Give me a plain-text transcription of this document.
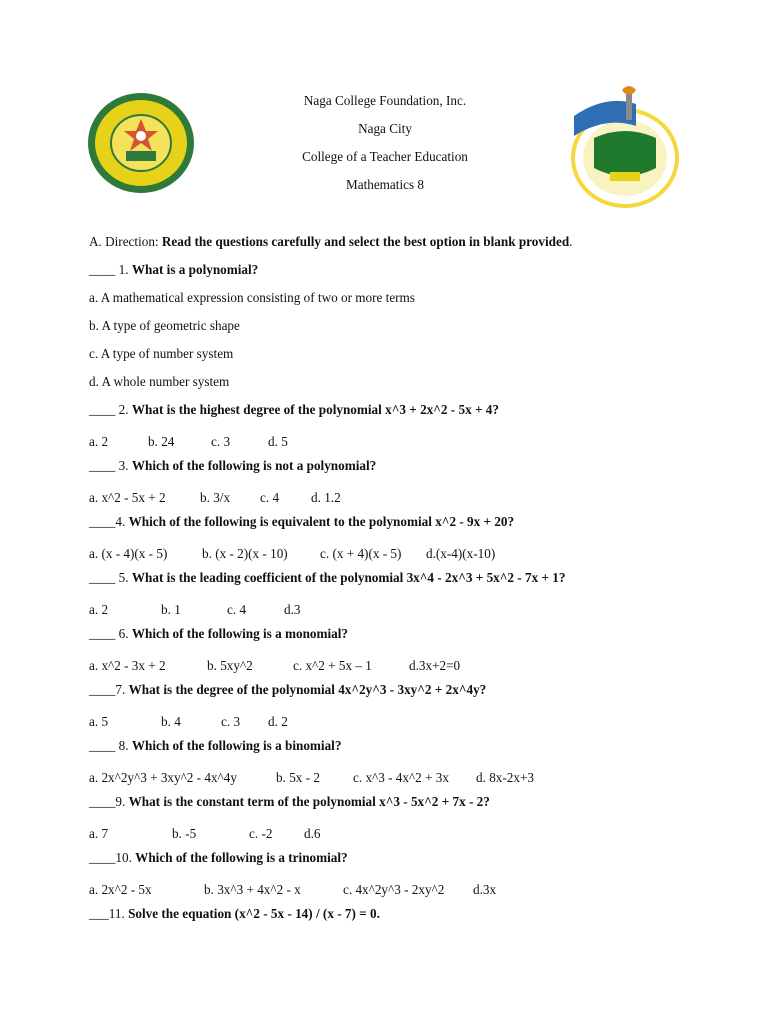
Naga College Foundation, Inc.
Naga City
College of a Teacher Education
Mathematics 8
A. Direction: Read the questions carefully and select the best option in blank provided.
____ 1. What is a polynomial?
a. A mathematical expression consisting of two or more terms
b. A type of geometric shape
c. A type of number system
d. A whole number system
____ 2. What is the highest degree of the polynomial x^3 + 2x^2 - 5x + 4?
a. 2	b. 24	c. 3	d. 5
____ 3. Which of the following is not a polynomial?
a. x^2 - 5x + 2	b. 3/x	c. 4	d. 1.2
____4. Which of the following is equivalent to the polynomial x^2 - 9x + 20?
a. (x - 4)(x - 5)	b. (x - 2)(x - 10)	c. (x + 4)(x - 5)	d.(x-4)(x-10)
____ 5. What is the leading coefficient of the polynomial 3x^4 - 2x^3 + 5x^2 - 7x + 1?
a. 2	b. 1	c. 4	d.3
____ 6. Which of the following is a monomial?
a. x^2 - 3x + 2	b. 5xy^2	c. x^2 + 5x – 1	d.3x+2=0
____7. What is the degree of the polynomial 4x^2y^3 - 3xy^2 + 2x^4y?
a. 5	b. 4	c. 3	d. 2
____ 8. Which of the following is a binomial?
a. 2x^2y^3 + 3xy^2 - 4x^4y	b. 5x - 2	c. x^3 - 4x^2 + 3x	d. 8x-2x+3
____9. What is the constant term of the polynomial x^3 - 5x^2 + 7x - 2?
a. 7	b. -5	c. -2	d.6
____10. Which of the following is a trinomial?
a. 2x^2 - 5x	b. 3x^3 + 4x^2 - x	c. 4x^2y^3 - 2xy^2	d.3x
___11. Solve the equation (x^2 - 5x - 14) / (x - 7) = 0.
